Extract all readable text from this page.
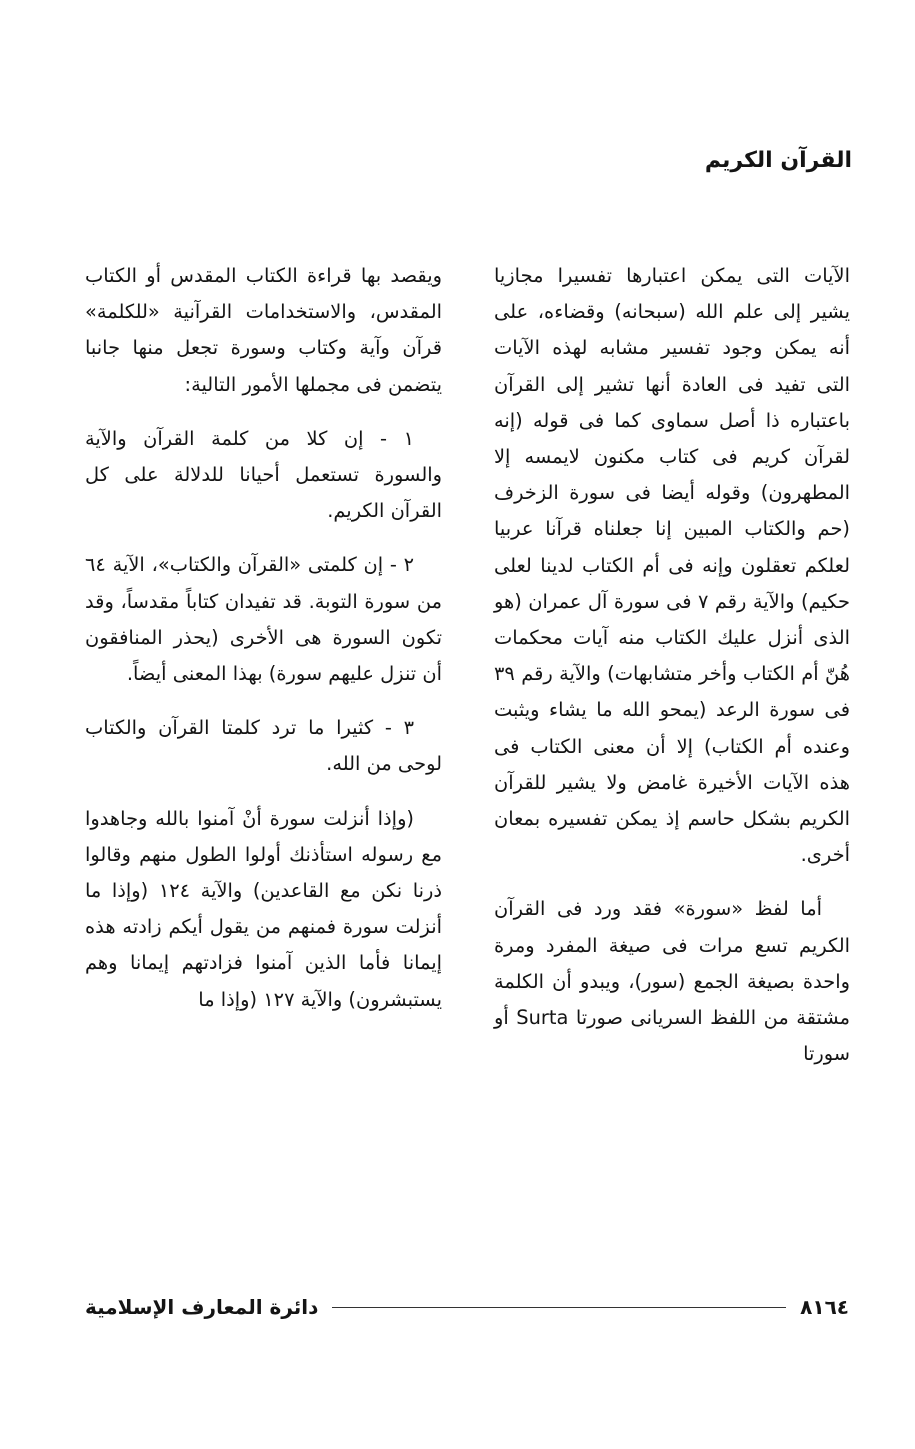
القرآن الكريم

الآيات التى يمكن اعتبارها تفسيرا مجازيا يشير إلى علم الله (سبحانه) وقضاءه، على أنه يمكن وجود تفسير مشابه لهذه الآيات التى تفيد فى العادة أنها تشير إلى القرآن باعتباره ذا أصل سماوى كما فى قوله (إنه لقرآن كريم فى كتاب مكنون لايمسه إلا المطهرون) وقوله أيضا فى سورة الزخرف (حم والكتاب المبين إنا جعلناه قرآنا عربيا لعلكم تعقلون وإنه فى أم الكتاب لدينا لعلى حكيم) والآية رقم ٧ فى سورة آل عمران (هو الذى أنزل عليك الكتاب منه آيات محكمات هُنّ أم الكتاب وأخر متشابهات) والآية رقم ٣٩ فى سورة الرعد (يمحو الله ما يشاء ويثبت وعنده أم الكتاب) إلا أن معنى الكتاب فى هذه الآيات الأخيرة غامض ولا يشير للقرآن الكريم بشكل حاسم إذ يمكن تفسيره بمعان أخرى.

أما لفظ «سورة» فقد ورد فى القرآن الكريم تسع مرات فى صيغة المفرد ومرة واحدة بصيغة الجمع (سور)، ويبدو أن الكلمة مشتقة من اللفظ السريانى صورتا Surta أو سورتا

ويقصد بها قراءة الكتاب المقدس أو الكتاب المقدس، والاستخدامات القرآنية «للكلمة» قرآن وآية وكتاب وسورة تجعل منها جانبا يتضمن فى مجملها الأمور التالية:

١ - إن كلا من كلمة القرآن والآية والسورة تستعمل أحيانا للدلالة على كل القرآن الكريم.

٢ - إن كلمتى «القرآن والكتاب»، الآية ٦٤ من سورة التوبة. قد تفيدان كتاباً مقدساً، وقد تكون السورة هى الأخرى (يحذر المنافقون أن تنزل عليهم سورة) بهذا المعنى أيضاً.

٣ - كثيرا ما ترد كلمتا القرآن والكتاب لوحى من الله.

(وإذا أنزلت سورة أنْ آمنوا بالله وجاهدوا مع رسوله استأذنك أولوا الطول منهم وقالوا ذرنا نكن مع القاعدين) والآية ١٢٤ (وإذا ما أنزلت سورة فمنهم من يقول أيكم زادته هذه إيمانا فأما الذين آمنوا فزادتهم إيمانا وهم يستبشرون) والآية ١٢٧ (وإذا ما

٨١٦٤
دائرة المعارف الإسلامية
